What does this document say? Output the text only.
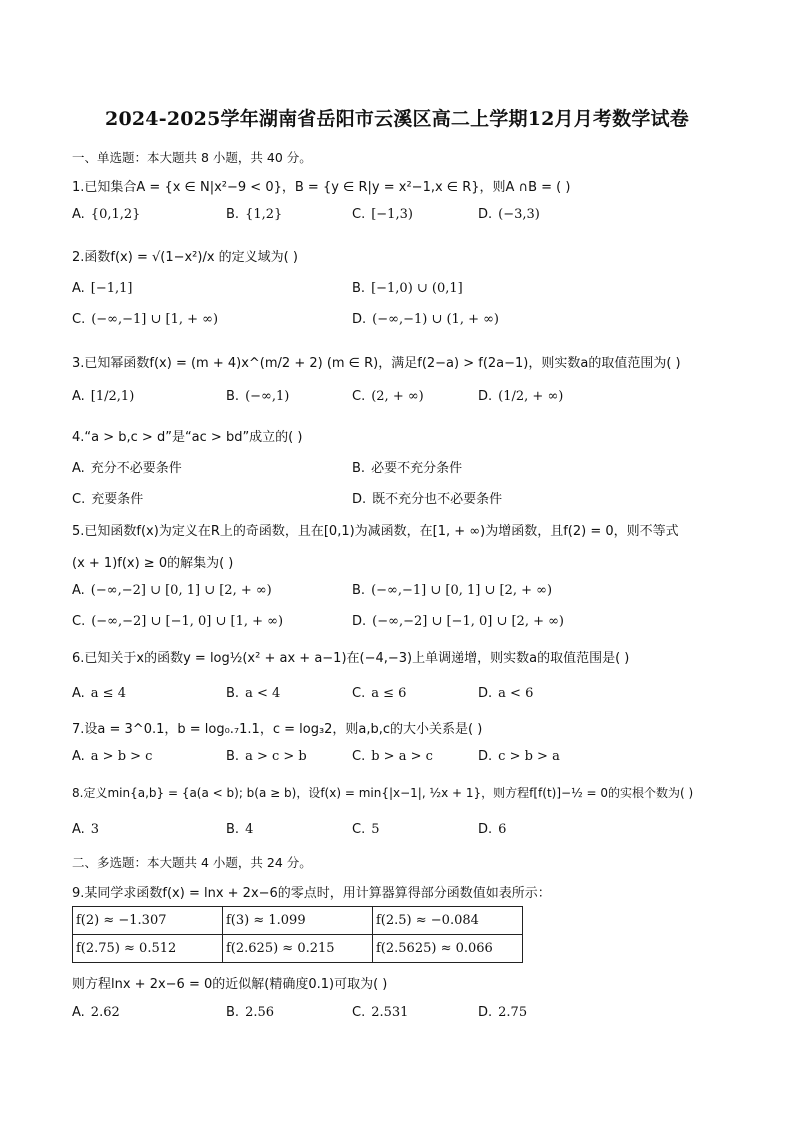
2024-2025学年湖南省岳阳市云溪区高二上学期12月月考数学试卷
一、单选题：本大题共 8 小题，共 40 分。
1.已知集合A = {x ∈ N|x²−9 < 0}，B = {y ∈ R|y = x²−1,x ∈ R}，则A ∩B = ( )
A. {0,1,2}	B. {1,2}	C. [−1,3)	D. (−3,3)
2.函数f(x) = √(1−x²)/x 的定义域为( )
A. [−1,1]	B. [−1,0) ∪ (0,1]
C. (−∞,−1] ∪ [1, + ∞)	D. (−∞,−1) ∪ (1, + ∞)
3.已知幂函数f(x) = (m + 4)x^(m/2 + 2) (m ∈ R)，满足f(2−a) > f(2a−1)，则实数a的取值范围为( )
A. [1/2,1)	B. (−∞,1)	C. (2, + ∞)	D. (1/2, + ∞)
4.“a > b,c > d”是“ac > bd”成立的( )
A. 充分不必要条件	B. 必要不充分条件
C. 充要条件	D. 既不充分也不必要条件
5.已知函数f(x)为定义在R上的奇函数，且在[0,1)为减函数，在[1, + ∞)为增函数，且f(2) = 0，则不等式
(x + 1)f(x) ≥ 0的解集为( )
A. (−∞,−2] ∪ [0, 1] ∪ [2, + ∞)	B. (−∞,−1] ∪ [0, 1] ∪ [2, + ∞)
C. (−∞,−2] ∪ [−1, 0] ∪ [1, + ∞)	D. (−∞,−2] ∪ [−1, 0] ∪ [2, + ∞)
6.已知关于x的函数y = log½(x² + ax + a−1)在(−4,−3)上单调递增，则实数a的取值范围是( )
A. a ≤ 4	B. a < 4	C. a ≤ 6	D. a < 6
7.设a = 3^0.1，b = log₀.₇1.1，c = log₃2，则a,b,c的大小关系是( )
A. a > b > c	B. a > c > b	C. b > a > c	D. c > b > a
8.定义min{a,b} = {a(a < b); b(a ≥ b)，设f(x) = min{|x−1|, ½x + 1}，则方程f[f(t)]−½ = 0的实根个数为( )
A. 3	B. 4	C. 5	D. 6
二、多选题：本大题共 4 小题，共 24 分。
9.某同学求函数f(x) = lnx + 2x−6的零点时，用计算器算得部分函数值如表所示：
f(2) ≈ −1.307	f(3) ≈ 1.099	f(2.5) ≈ −0.084
f(2.75) ≈ 0.512	f(2.625) ≈ 0.215	f(2.5625) ≈ 0.066
则方程lnx + 2x−6 = 0的近似解(精确度0.1)可取为( )
A. 2.62	B. 2.56	C. 2.531	D. 2.75
